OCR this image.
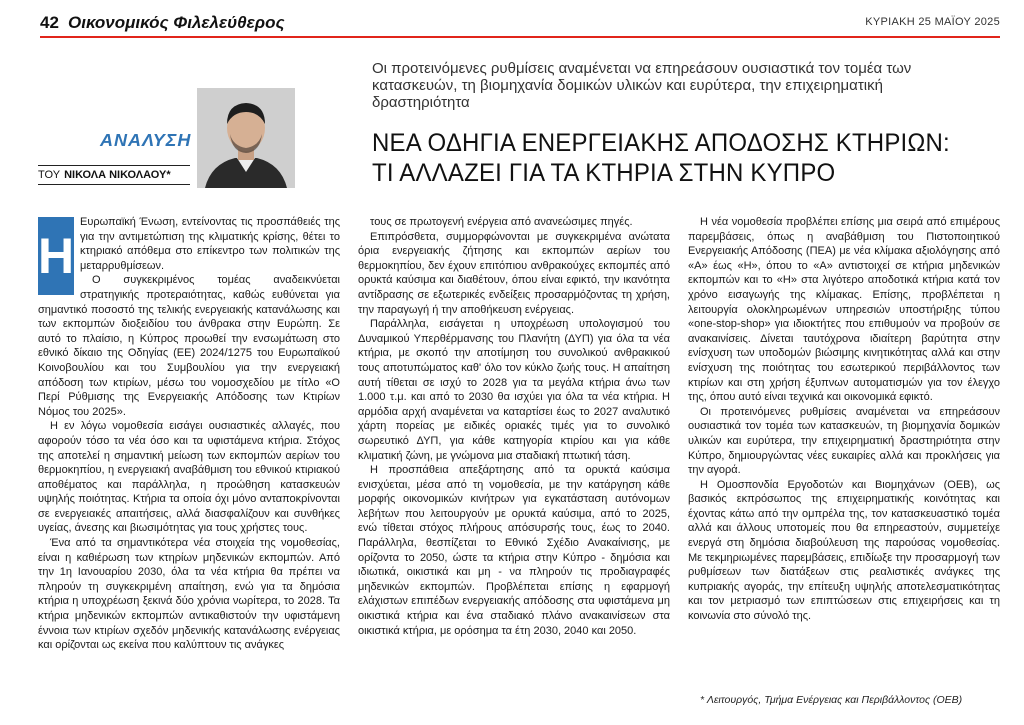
42 Οικονομικός Φιλελεύθερος	ΚΥΡΙΑΚΗ 25 ΜΑΪΟΥ 2025
Οι προτεινόμενες ρυθμίσεις αναμένεται να επηρεάσουν ουσιαστικά τον τομέα των κατασκευών, τη βιομηχανία δομικών υλικών και ευρύτερα, την επιχειρηματική δραστηριότητα
ΑΝΑΛΥΣΗ
ΤΟΥ ΝΙΚΟΛΑ ΝΙΚΟΛΑΟΥ*
ΝΕΑ ΟΔΗΓΙΑ ΕΝΕΡΓΕΙΑΚΗΣ ΑΠΟΔΟΣΗΣ ΚΤΗΡΙΩΝ:
ΤΙ ΑΛΛΑΖΕΙ ΓΙΑ ΤΑ ΚΤΗΡΙΑ ΣΤΗΝ ΚΥΠΡΟ
Η

Ευρωπαϊκή Ένωση, εντείνοντας τις προσπάθειές της για την αντιμετώπιση της κλιματικής κρίσης, θέτει το κτηριακό απόθεμα στο επίκεντρο των πολιτικών της μεταρρυθμίσεων.

Ο συγκεκριμένος τομέας αναδεικνύεται στρατηγικής προτεραιότητας, καθώς ευθύνεται για σημαντικό ποσοστό της τελικής ενεργειακής κατανάλωσης και των εκπομπών διοξειδίου του άνθρακα στην Ευρώπη. Σε αυτό το πλαίσιο, η Κύπρος προωθεί την ενσωμάτωση στο εθνικό δίκαιο της Οδηγίας (ΕΕ) 2024/1275 του Ευρωπαϊκού Κοινοβουλίου και του Συμβουλίου για την ενεργειακή απόδοση των κτιρίων, μέσω του νομοσχεδίου με τίτλο «Ο Περί Ρύθμισης της Ενεργειακής Απόδοσης των Κτιρίων Νόμος του 2025».

Η εν λόγω νομοθεσία εισάγει ουσιαστικές αλλαγές, που αφορούν τόσο τα νέα όσο και τα υφιστάμενα κτήρια. Στόχος της αποτελεί η σημαντική μείωση των εκπομπών αερίων του θερμοκηπίου, η ενεργειακή αναβάθμιση του εθνικού κτιριακού αποθέματος και παράλληλα, η προώθηση κατασκευών υψηλής ποιότητας. Κτήρια τα οποία όχι μόνο ανταποκρίνονται σε ενεργειακές απαιτήσεις, αλλά διασφαλίζουν και συνθήκες υγείας, άνεσης και βιωσιμότητας για τους χρήστες τους.

Ένα από τα σημαντικότερα νέα στοιχεία της νομοθεσίας, είναι η καθιέρωση των κτηρίων μηδενικών εκπομπών. Από την 1η Ιανουαρίου 2030, όλα τα νέα κτήρια θα πρέπει να πληρούν τη συγκεκριμένη απαίτηση, ενώ για τα δημόσια κτήρια η υποχρέωση ξεκινά δύο χρόνια νωρίτερα, το 2028. Τα κτήρια μηδενικών εκπομπών αντικαθιστούν την υφιστάμενη έννοια των κτιρίων σχεδόν μηδενικής κατανάλωσης ενέργειας και ορίζονται ως εκείνα που καλύπτουν τις ανάγκες

τους σε πρωτογενή ενέργεια από ανανεώσιμες πηγές.

Επιπρόσθετα, συμμορφώνονται με συγκεκριμένα ανώτατα όρια ενεργειακής ζήτησης και εκπομπών αερίων του θερμοκηπίου, δεν έχουν επιτόπιου ανθρακούχες εκπομπές από ορυκτά καύσιμα και διαθέτουν, όπου είναι εφικτό, την ικανότητα αντίδρασης σε εξωτερικές ενδείξεις προσαρμόζοντας τη χρήση, την παραγωγή ή την αποθήκευση ενέργειας.

Παράλληλα, εισάγεται η υποχρέωση υπολογισμού του Δυναμικού Υπερθέρμανσης του Πλανήτη (ΔΥΠ) για όλα τα νέα κτήρια, με σκοπό την αποτίμηση του συνολικού ανθρακικού τους αποτυπώματος καθ' όλο τον κύκλο ζωής τους. Η απαίτηση αυτή τίθεται σε ισχύ το 2028 για τα μεγάλα κτήρια άνω των 1.000 τ.μ. και από το 2030 θα ισχύει για όλα τα νέα κτήρια. Η αρμόδια αρχή αναμένεται να καταρτίσει έως το 2027 αναλυτικό χάρτη πορείας με ειδικές οριακές τιμές για το συνολικό σωρευτικό ΔΥΠ, για κάθε κατηγορία κτιρίου και για κάθε κλιματική ζώνη, με γνώμονα μια σταδιακή πτωτική τάση.

Η προσπάθεια απεξάρτησης από τα ορυκτά καύσιμα ενισχύεται, μέσα από τη νομοθεσία, με την κατάργηση κάθε μορφής οικονομικών κινήτρων για εγκατάσταση αυτόνομων λεβήτων που λειτουργούν με ορυκτά καύσιμα, από το 2025, ενώ τίθεται στόχος πλήρους απόσυρσής τους, έως το 2040. Παράλληλα, θεσπίζεται το Εθνικό Σχέδιο Ανακαίνισης, με ορίζοντα το 2050, ώστε τα κτήρια στην Κύπρο - δημόσια και ιδιωτικά, οικιστικά και μη - να πληρούν τις προδιαγραφές μηδενικών εκπομπών. Προβλέπεται επίσης η εφαρμογή ελάχιστων επιπέδων ενεργειακής απόδοσης στα υφιστάμενα μη οικιστικά κτήρια και ένα σταδιακό πλάνο ανακαινίσεων στα οικιστικά κτήρια, με ορόσημα τα έτη 2030, 2040 και 2050.

Η νέα νομοθεσία προβλέπει επίσης μια σειρά από επιμέρους παρεμβάσεις, όπως η αναβάθμιση του Πιστοποιητικού Ενεργειακής Απόδοσης (ΠΕΑ) με νέα κλίμακα αξιολόγησης από «Α» έως «Η», όπου το «Α» αντιστοιχεί σε κτήρια μηδενικών εκπομπών και το «Η» στα λιγότερο αποδοτικά κτήρια κατά τον χρόνο εισαγωγής της κλίμακας. Επίσης, προβλέπεται η λειτουργία ολοκληρωμένων υπηρεσιών υποστήριξης τύπου «one-stop-shop» για ιδιοκτήτες που επιθυμούν να προβούν σε ανακαινίσεις. Δίνεται ταυτόχρονα ιδιαίτερη βαρύτητα στην ενίσχυση των υποδομών βιώσιμης κινητικότητας αλλά και στην ενίσχυση της ποιότητας του εσωτερικού περιβάλλοντος των κτιρίων και στη χρήση έξυπνων αυτοματισμών για τον έλεγχο της, όπου αυτό είναι τεχνικά και οικονομικά εφικτό.

Οι προτεινόμενες ρυθμίσεις αναμένεται να επηρεάσουν ουσιαστικά τον τομέα των κατασκευών, τη βιομηχανία δομικών υλικών και ευρύτερα, την επιχειρηματική δραστηριότητα στην Κύπρο, δημιουργώντας νέες ευκαιρίες αλλά και προκλήσεις για την αγορά.

Η Ομοσπονδία Εργοδοτών και Βιομηχάνων (ΟΕΒ), ως βασικός εκπρόσωπος της επιχειρηματικής κοινότητας και έχοντας κάτω από την ομπρέλα της, τον κατασκευαστικό τομέα αλλά και άλλους υποτομείς που θα επηρεαστούν, συμμετείχε ενεργά στη δημόσια διαβούλευση της παρούσας νομοθεσίας. Με τεκμηριωμένες παρεμβάσεις, επιδίωξε την προσαρμογή των ρυθμίσεων των διατάξεων στις ρεαλιστικές ανάγκες της κυπριακής αγοράς, την επίτευξη υψηλής αποτελεσματικότητας και τον μετριασμό των επιπτώσεων στις επιχειρήσεις και τη κοινωνία στο σύνολό της.

* Λειτουργός, Τμήμα Ενέργειας και Περιβάλλοντος (ΟΕΒ)
